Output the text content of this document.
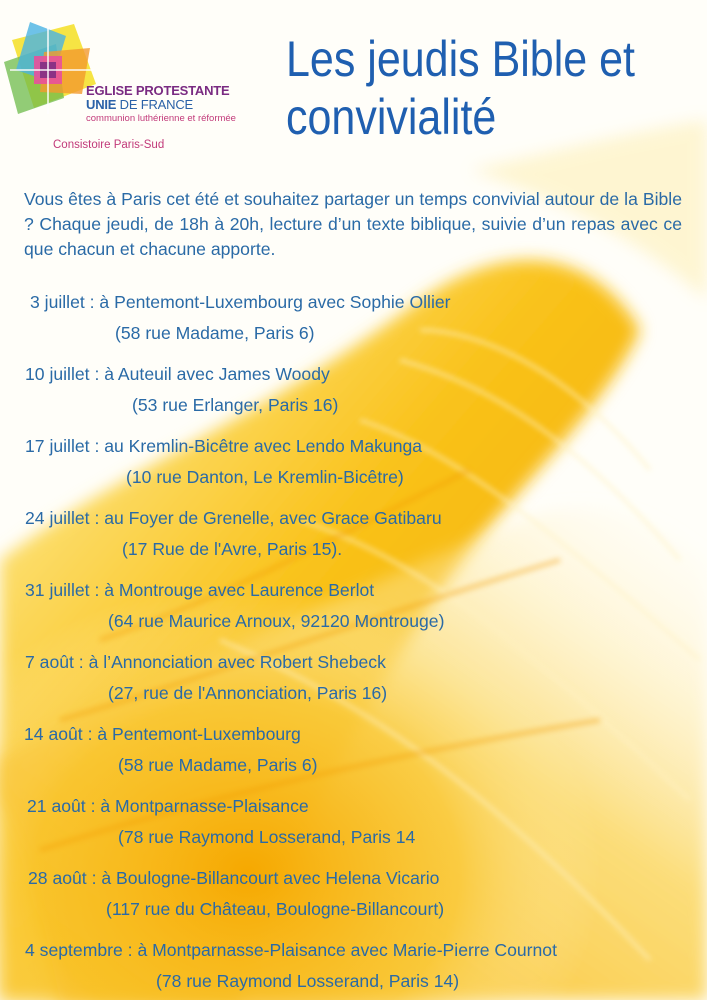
EGLISE PROTESTANTE
UNIE DE FRANCE
communion luthérienne et réformée
Consistoire Paris-Sud
Les jeudis Bible et
convivialité
Vous êtes à Paris cet été et souhaitez partager un temps convivial autour de la Bible ? Chaque jeudi, de 18h à 20h, lecture d’un texte biblique, suivie d’un repas avec ce que chacun et chacune apporte.
3 juillet : à Pentemont-Luxembourg avec Sophie Ollier
(58 rue Madame, Paris 6)
10 juillet : à Auteuil avec James Woody
(53 rue Erlanger, Paris 16)
17 juillet : au Kremlin-Bicêtre avec Lendo Makunga
(10 rue Danton, Le Kremlin-Bicêtre)
24 juillet : au Foyer de Grenelle, avec Grace Gatibaru
(17 Rue de l'Avre, Paris 15).
31 juillet : à Montrouge avec Laurence Berlot
(64 rue Maurice Arnoux, 92120 Montrouge)
7 août : à l’Annonciation avec Robert Shebeck
(27, rue de l'Annonciation, Paris 16)
14 août : à Pentemont-Luxembourg
(58 rue Madame, Paris 6)
21 août : à Montparnasse-Plaisance
(78 rue Raymond Losserand, Paris 14
28 août : à Boulogne-Billancourt avec Helena Vicario
(117 rue du Château, Boulogne-Billancourt)
4 septembre : à Montparnasse-Plaisance avec Marie-Pierre Cournot
(78 rue Raymond Losserand, Paris 14)
